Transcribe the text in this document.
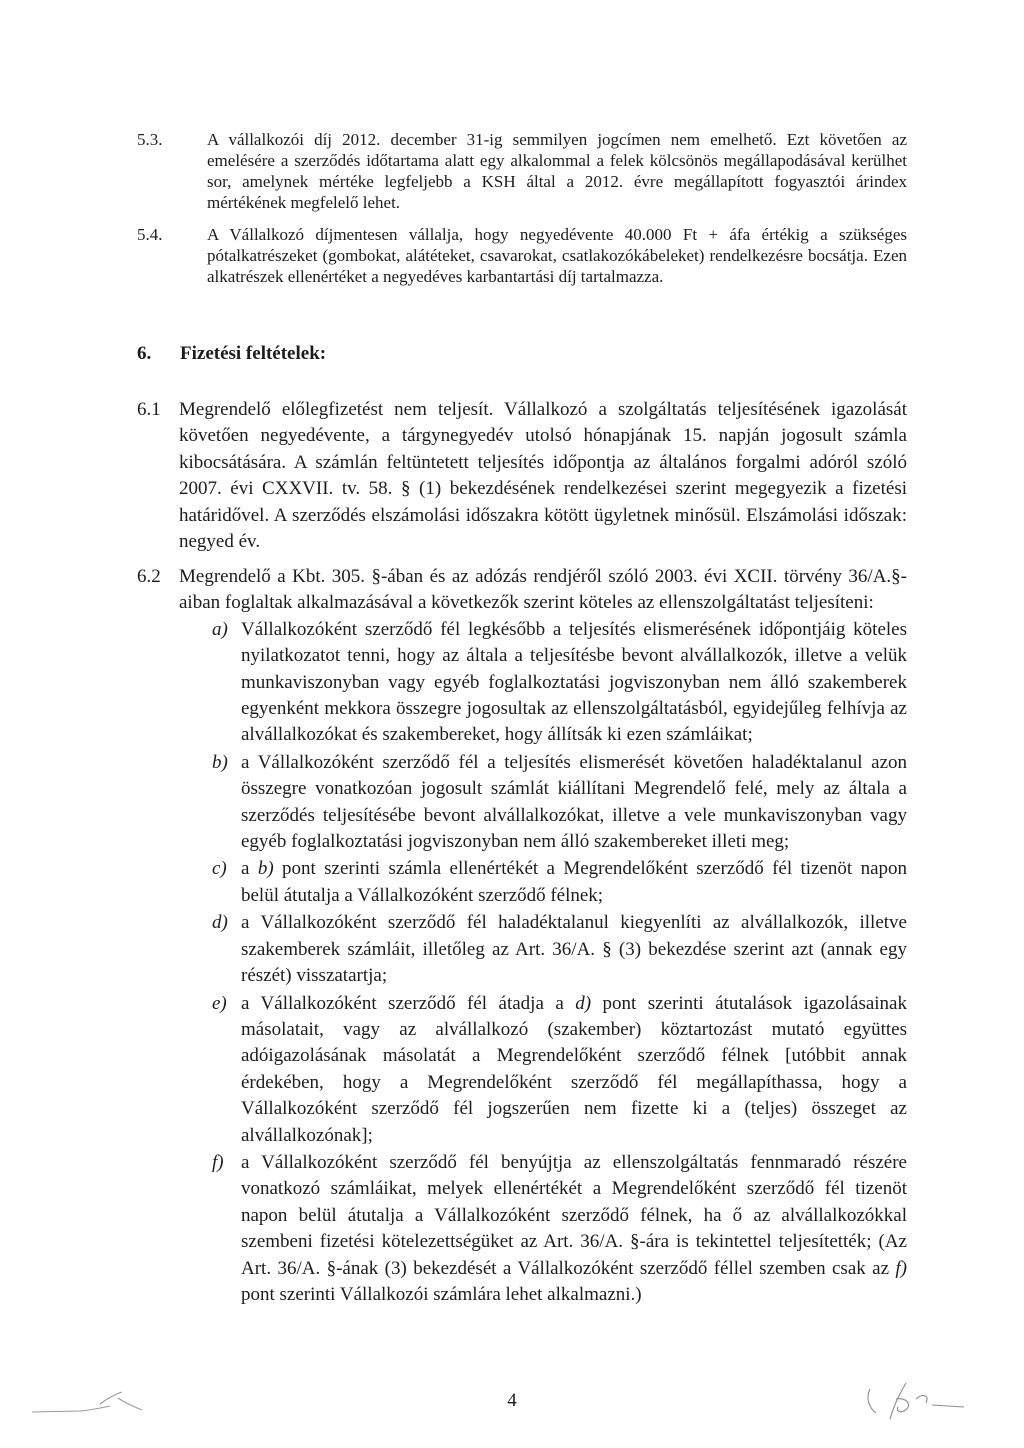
5.3.	A vállalkozói díj 2012. december 31-ig semmilyen jogcímen nem emelhető. Ezt követően az emelésére a szerződés időtartama alatt egy alkalommal a felek kölcsönös megállapodásával kerülhet sor, amelynek mértéke legfeljebb a KSH által a 2012. évre megállapított fogyasztói árindex mértékének megfelelő lehet.
5.4.	A Vállalkozó díjmentesen vállalja, hogy negyedévente 40.000 Ft + áfa értékig a szükséges pótalkatrészeket (gombokat, alátéteket, csavarokat, csatlakozókábeleket) rendelkezésre bocsátja. Ezen alkatrészek ellenértéket a negyedéves karbantartási díj tartalmazza.
6. Fizetési feltételek:
6.1 Megrendelő előlegfizetést nem teljesít. Vállalkozó a szolgáltatás teljesítésének igazolását követően negyedévente, a tárgynegyedév utolsó hónapjának 15. napján jogosult számla kibocsátására. A számlán feltüntetett teljesítés időpontja az általános forgalmi adóról szóló 2007. évi CXXVII. tv. 58. § (1) bekezdésének rendelkezései szerint megegyezik a fizetési határidővel. A szerződés elszámolási időszakra kötött ügyletnek minősül. Elszámolási időszak: negyed év.
6.2 Megrendelő a Kbt. 305. §-ában és az adózás rendjéről szóló 2003. évi XCII. törvény 36/A.§-aiban foglaltak alkalmazásával a következők szerint köteles az ellenszolgáltatást teljesíteni:
a) Vállalkozóként szerződő fél legkésőbb a teljesítés elismerésének időpontjáig köteles nyilatkozatot tenni, hogy az általa a teljesítésbe bevont alvállalkozók, illetve a velük munkaviszonyban vagy egyéb foglalkoztatási jogviszonyban nem álló szakemberek egyenként mekkora összegre jogosultak az ellenszolgáltatásból, egyidejűleg felhívja az alvállalkozókat és szakembereket, hogy állítsák ki ezen számláikat;
b) a Vállalkozóként szerződő fél a teljesítés elismerését követően haladéktalanul azon összegre vonatkozóan jogosult számlát kiállítani Megrendelő felé, mely az általa a szerződés teljesítésébe bevont alvállalkozókat, illetve a vele munkaviszonyban vagy egyéb foglalkoztatási jogviszonyban nem álló szakembereket illeti meg;
c) a b) pont szerinti számla ellenértékét a Megrendelőként szerződő fél tizenöt napon belül átutalja a Vállalkozóként szerződő félnek;
d) a Vállalkozóként szerződő fél haladéktalanul kiegyenlíti az alvállalkozók, illetve szakemberek számláit, illetőleg az Art. 36/A. § (3) bekezdése szerint azt (annak egy részét) visszatartja;
e) a Vállalkozóként szerződő fél átadja a d) pont szerinti átutalások igazolásainak másolatait, vagy az alvállalkozó (szakember) köztartozást mutató együttes adóigazolásának másolatát a Megrendelőként szerződő félnek [utóbbit annak érdekében, hogy a Megrendelőként szerződő fél megállapíthassa, hogy a Vállalkozóként szerződő fél jogszerűen nem fizette ki a (teljes) összeget az alvállalkozónak];
f) a Vállalkozóként szerződő fél benyújtja az ellenszolgáltatás fennmaradó részére vonatkozó számláikat, melyek ellenértékét a Megrendelőként szerződő fél tizenöt napon belül átutalja a Vállalkozóként szerződő félnek, ha ő az alvállalkozókkal szembeni fizetési kötelezettségüket az Art. 36/A. §-ára is tekintettel teljesítették; (Az Art. 36/A. §-ának (3) bekezdését a Vállalkozóként szerződő féllel szemben csak az f) pont szerinti Vállalkozói számlára lehet alkalmazni.)
4
